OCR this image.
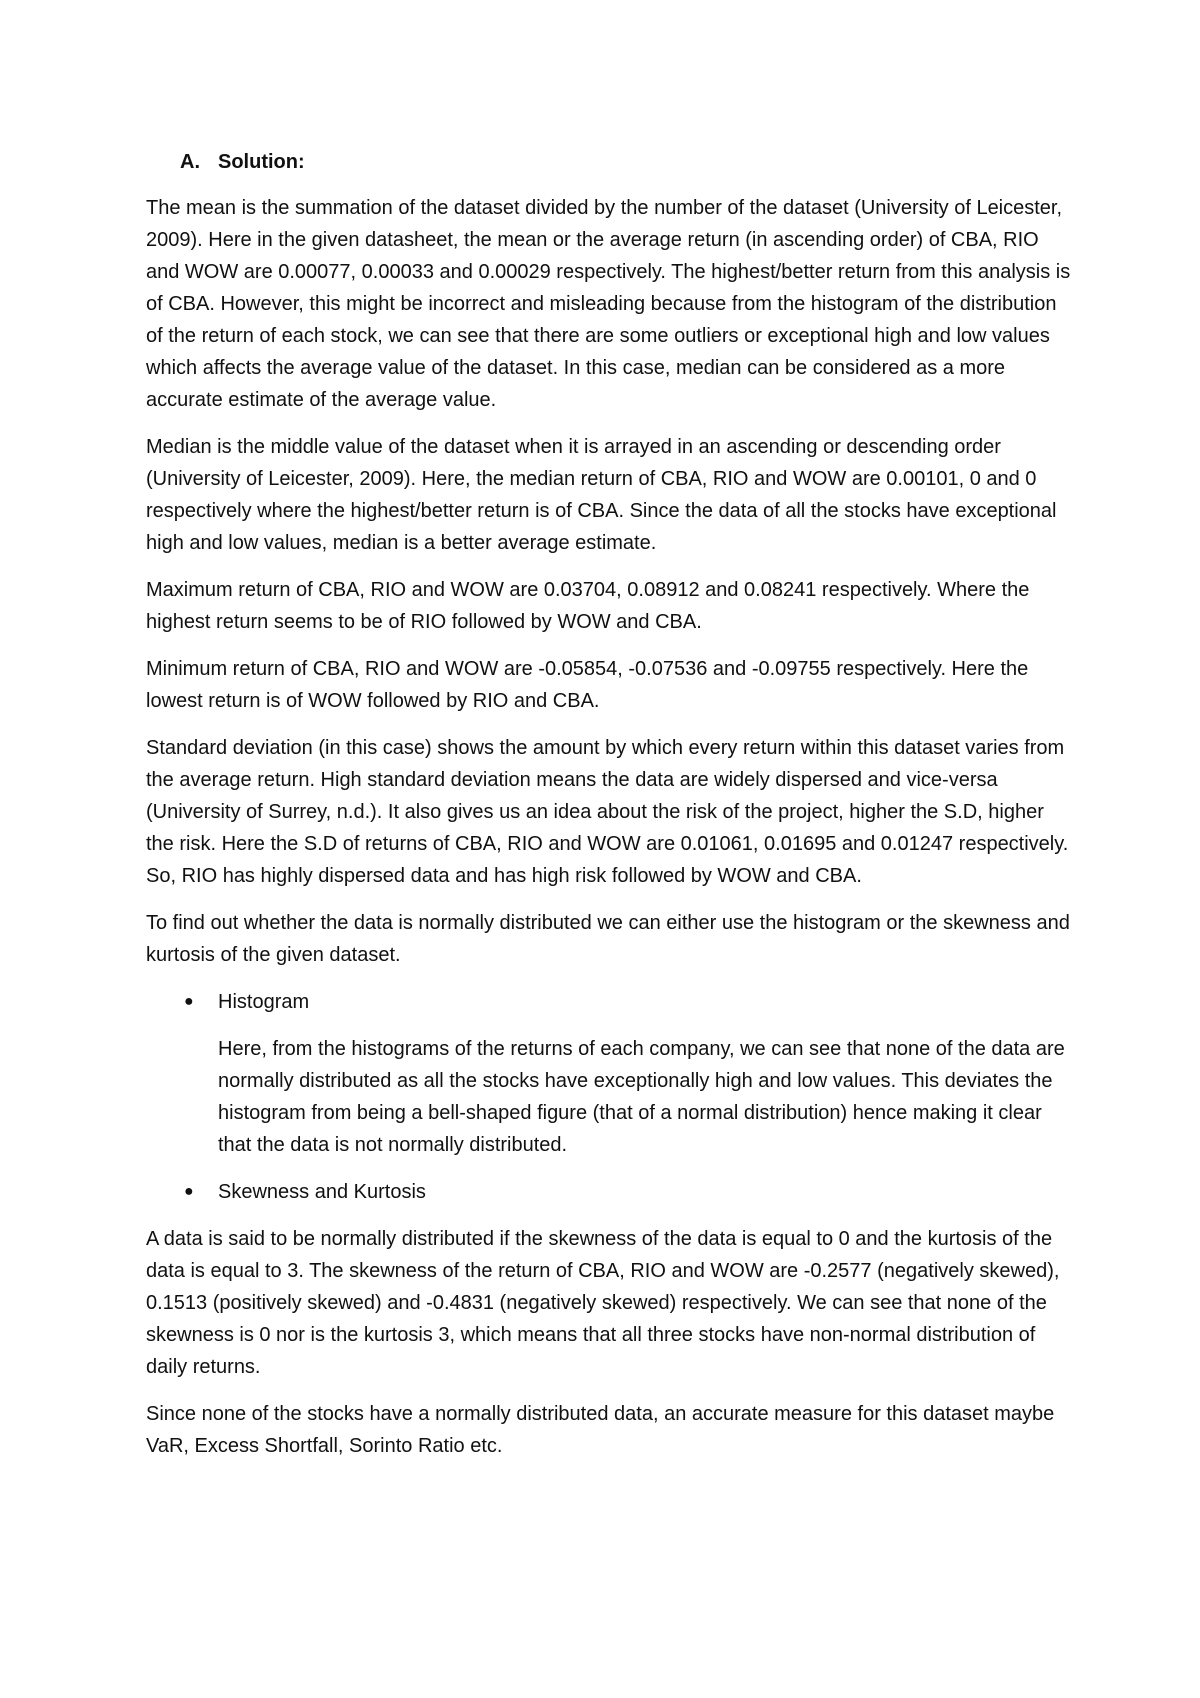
A. Solution:

The mean is the summation of the dataset divided by the number of the dataset (University of Leicester, 2009). Here in the given datasheet, the mean or the average return (in ascending order) of CBA, RIO and WOW are 0.00077, 0.00033 and 0.00029 respectively. The highest/better return from this analysis is of CBA. However, this might be incorrect and misleading because from the histogram of the distribution of the return of each stock, we can see that there are some outliers or exceptional high and low values which affects the average value of the dataset. In this case, median can be considered as a more accurate estimate of the average value.

Median is the middle value of the dataset when it is arrayed in an ascending or descending order (University of Leicester, 2009). Here, the median return of CBA, RIO and WOW are 0.00101, 0 and 0 respectively where the highest/better return is of CBA. Since the data of all the stocks have exceptional high and low values, median is a better average estimate.

Maximum return of CBA, RIO and WOW are 0.03704, 0.08912 and 0.08241 respectively. Where the highest return seems to be of RIO followed by WOW and CBA.

Minimum return of CBA, RIO and WOW are -0.05854, -0.07536 and -0.09755 respectively. Here the lowest return is of WOW followed by RIO and CBA.

Standard deviation (in this case) shows the amount by which every return within this dataset varies from the average return. High standard deviation means the data are widely dispersed and vice-versa (University of Surrey, n.d.). It also gives us an idea about the risk of the project, higher the S.D, higher the risk. Here the S.D of returns of CBA, RIO and WOW are 0.01061, 0.01695 and 0.01247 respectively. So, RIO has highly dispersed data and has high risk followed by WOW and CBA.

To find out whether the data is normally distributed we can either use the histogram or the skewness and kurtosis of the given dataset.

●	Histogram

Here, from the histograms of the returns of each company, we can see that none of the data are normally distributed as all the stocks have exceptionally high and low values. This deviates the histogram from being a bell-shaped figure (that of a normal distribution) hence making it clear that the data is not normally distributed.

●	Skewness and Kurtosis

A data is said to be normally distributed if the skewness of the data is equal to 0 and the kurtosis of the data is equal to 3. The skewness of the return of CBA, RIO and WOW are -0.2577 (negatively skewed), 0.1513 (positively skewed) and -0.4831 (negatively skewed) respectively. We can see that none of the skewness is 0 nor is the kurtosis 3, which means that all three stocks have non-normal distribution of daily returns.

Since none of the stocks have a normally distributed data, an accurate measure for this dataset maybe VaR, Excess Shortfall, Sorinto Ratio etc.
